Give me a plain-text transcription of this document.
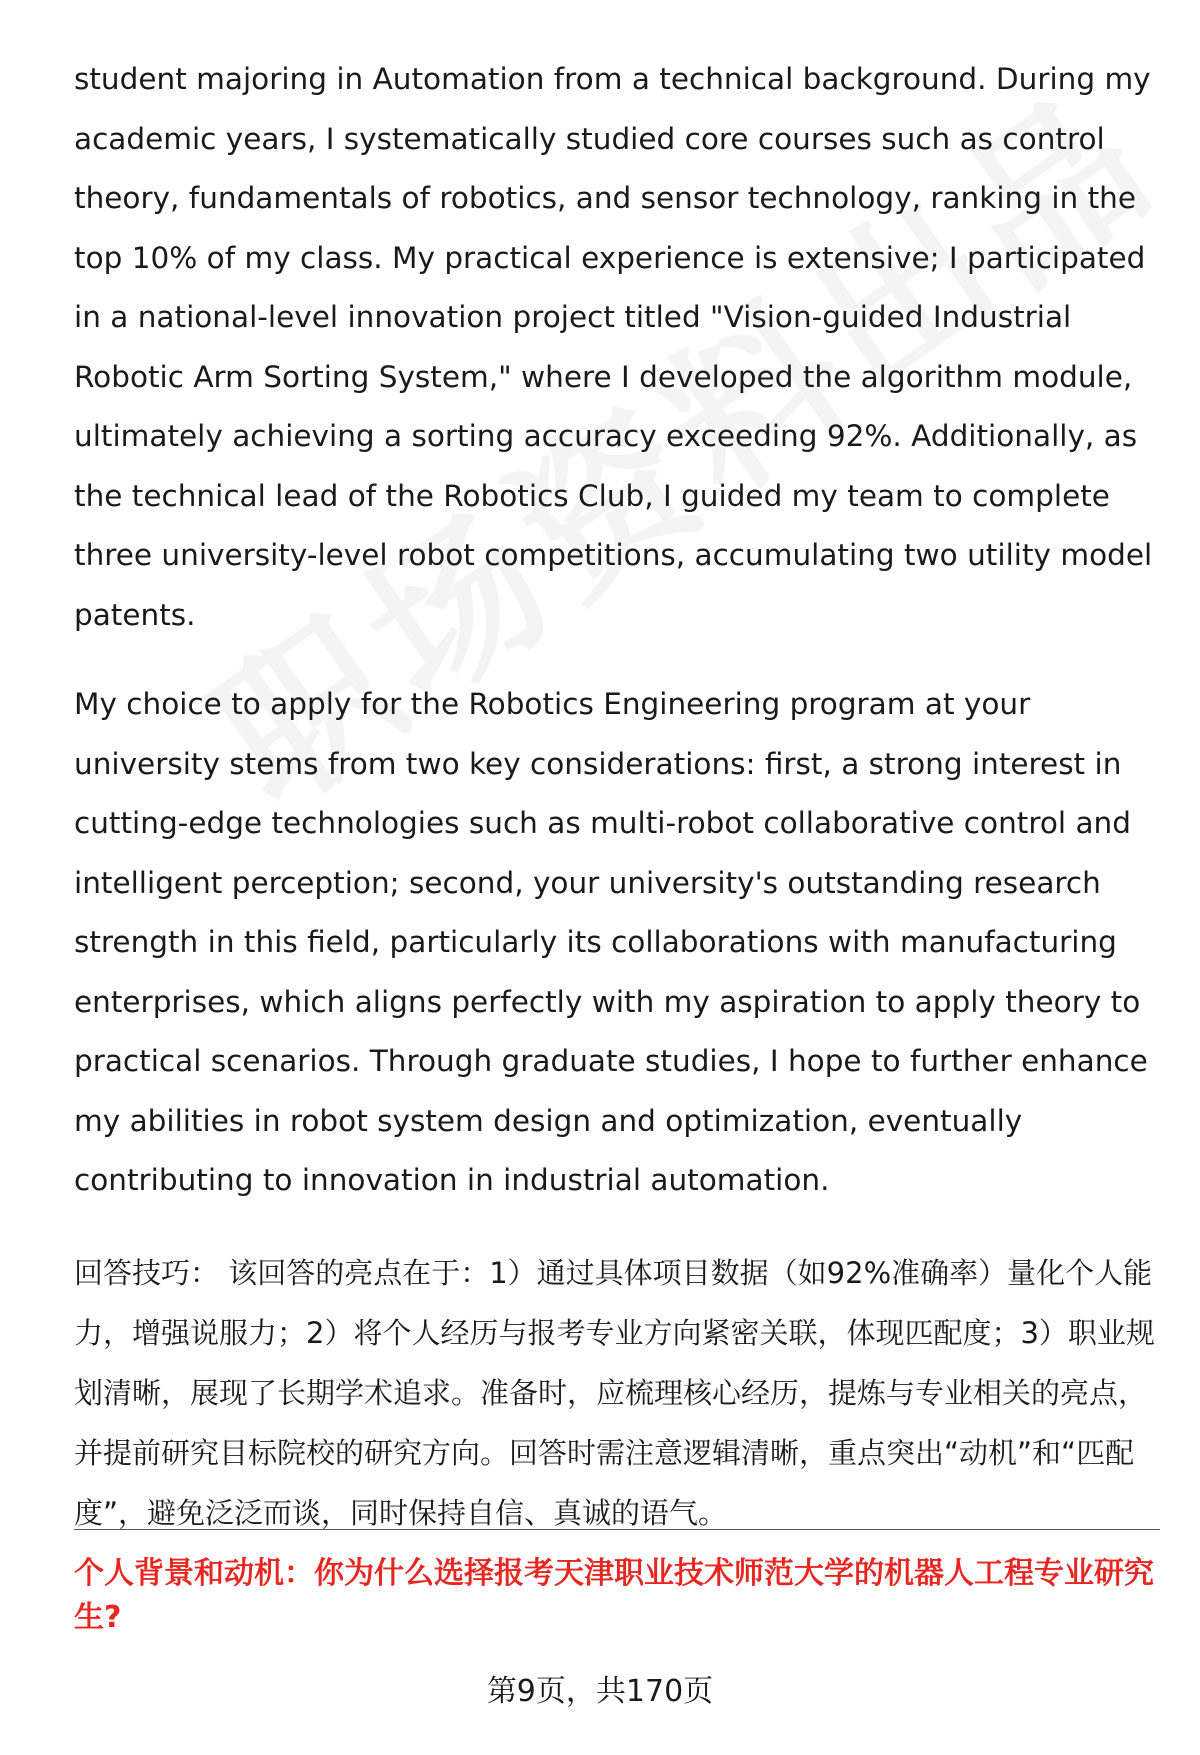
student majoring in Automation from a technical background. During my academic years, I systematically studied core courses such as control theory, fundamentals of robotics, and sensor technology, ranking in the top 10% of my class. My practical experience is extensive; I participated in a national-level innovation project titled "Vision-guided Industrial Robotic Arm Sorting System," where I developed the algorithm module, ultimately achieving a sorting accuracy exceeding 92%. Additionally, as the technical lead of the Robotics Club, I guided my team to complete three university-level robot competitions, accumulating two utility model patents.

My choice to apply for the Robotics Engineering program at your university stems from two key considerations: first, a strong interest in cutting-edge technologies such as multi-robot collaborative control and intelligent perception; second, your university's outstanding research strength in this field, particularly its collaborations with manufacturing enterprises, which aligns perfectly with my aspiration to apply theory to practical scenarios. Through graduate studies, I hope to further enhance my abilities in robot system design and optimization, eventually contributing to innovation in industrial automation.

回答技巧： 该回答的亮点在于：1）通过具体项目数据（如92%准确率）量化个人能力，增强说服力；2）将个人经历与报考专业方向紧密关联，体现匹配度；3）职业规划清晰，展现了长期学术追求。准备时，应梳理核心经历，提炼与专业相关的亮点，并提前研究目标院校的研究方向。回答时需注意逻辑清晰，重点突出“动机”和“匹配度”，避免泛泛而谈，同时保持自信、真诚的语气。

个人背景和动机：你为什么选择报考天津职业技术师范大学的机器人工程专业研究生?

第9页，共170页
